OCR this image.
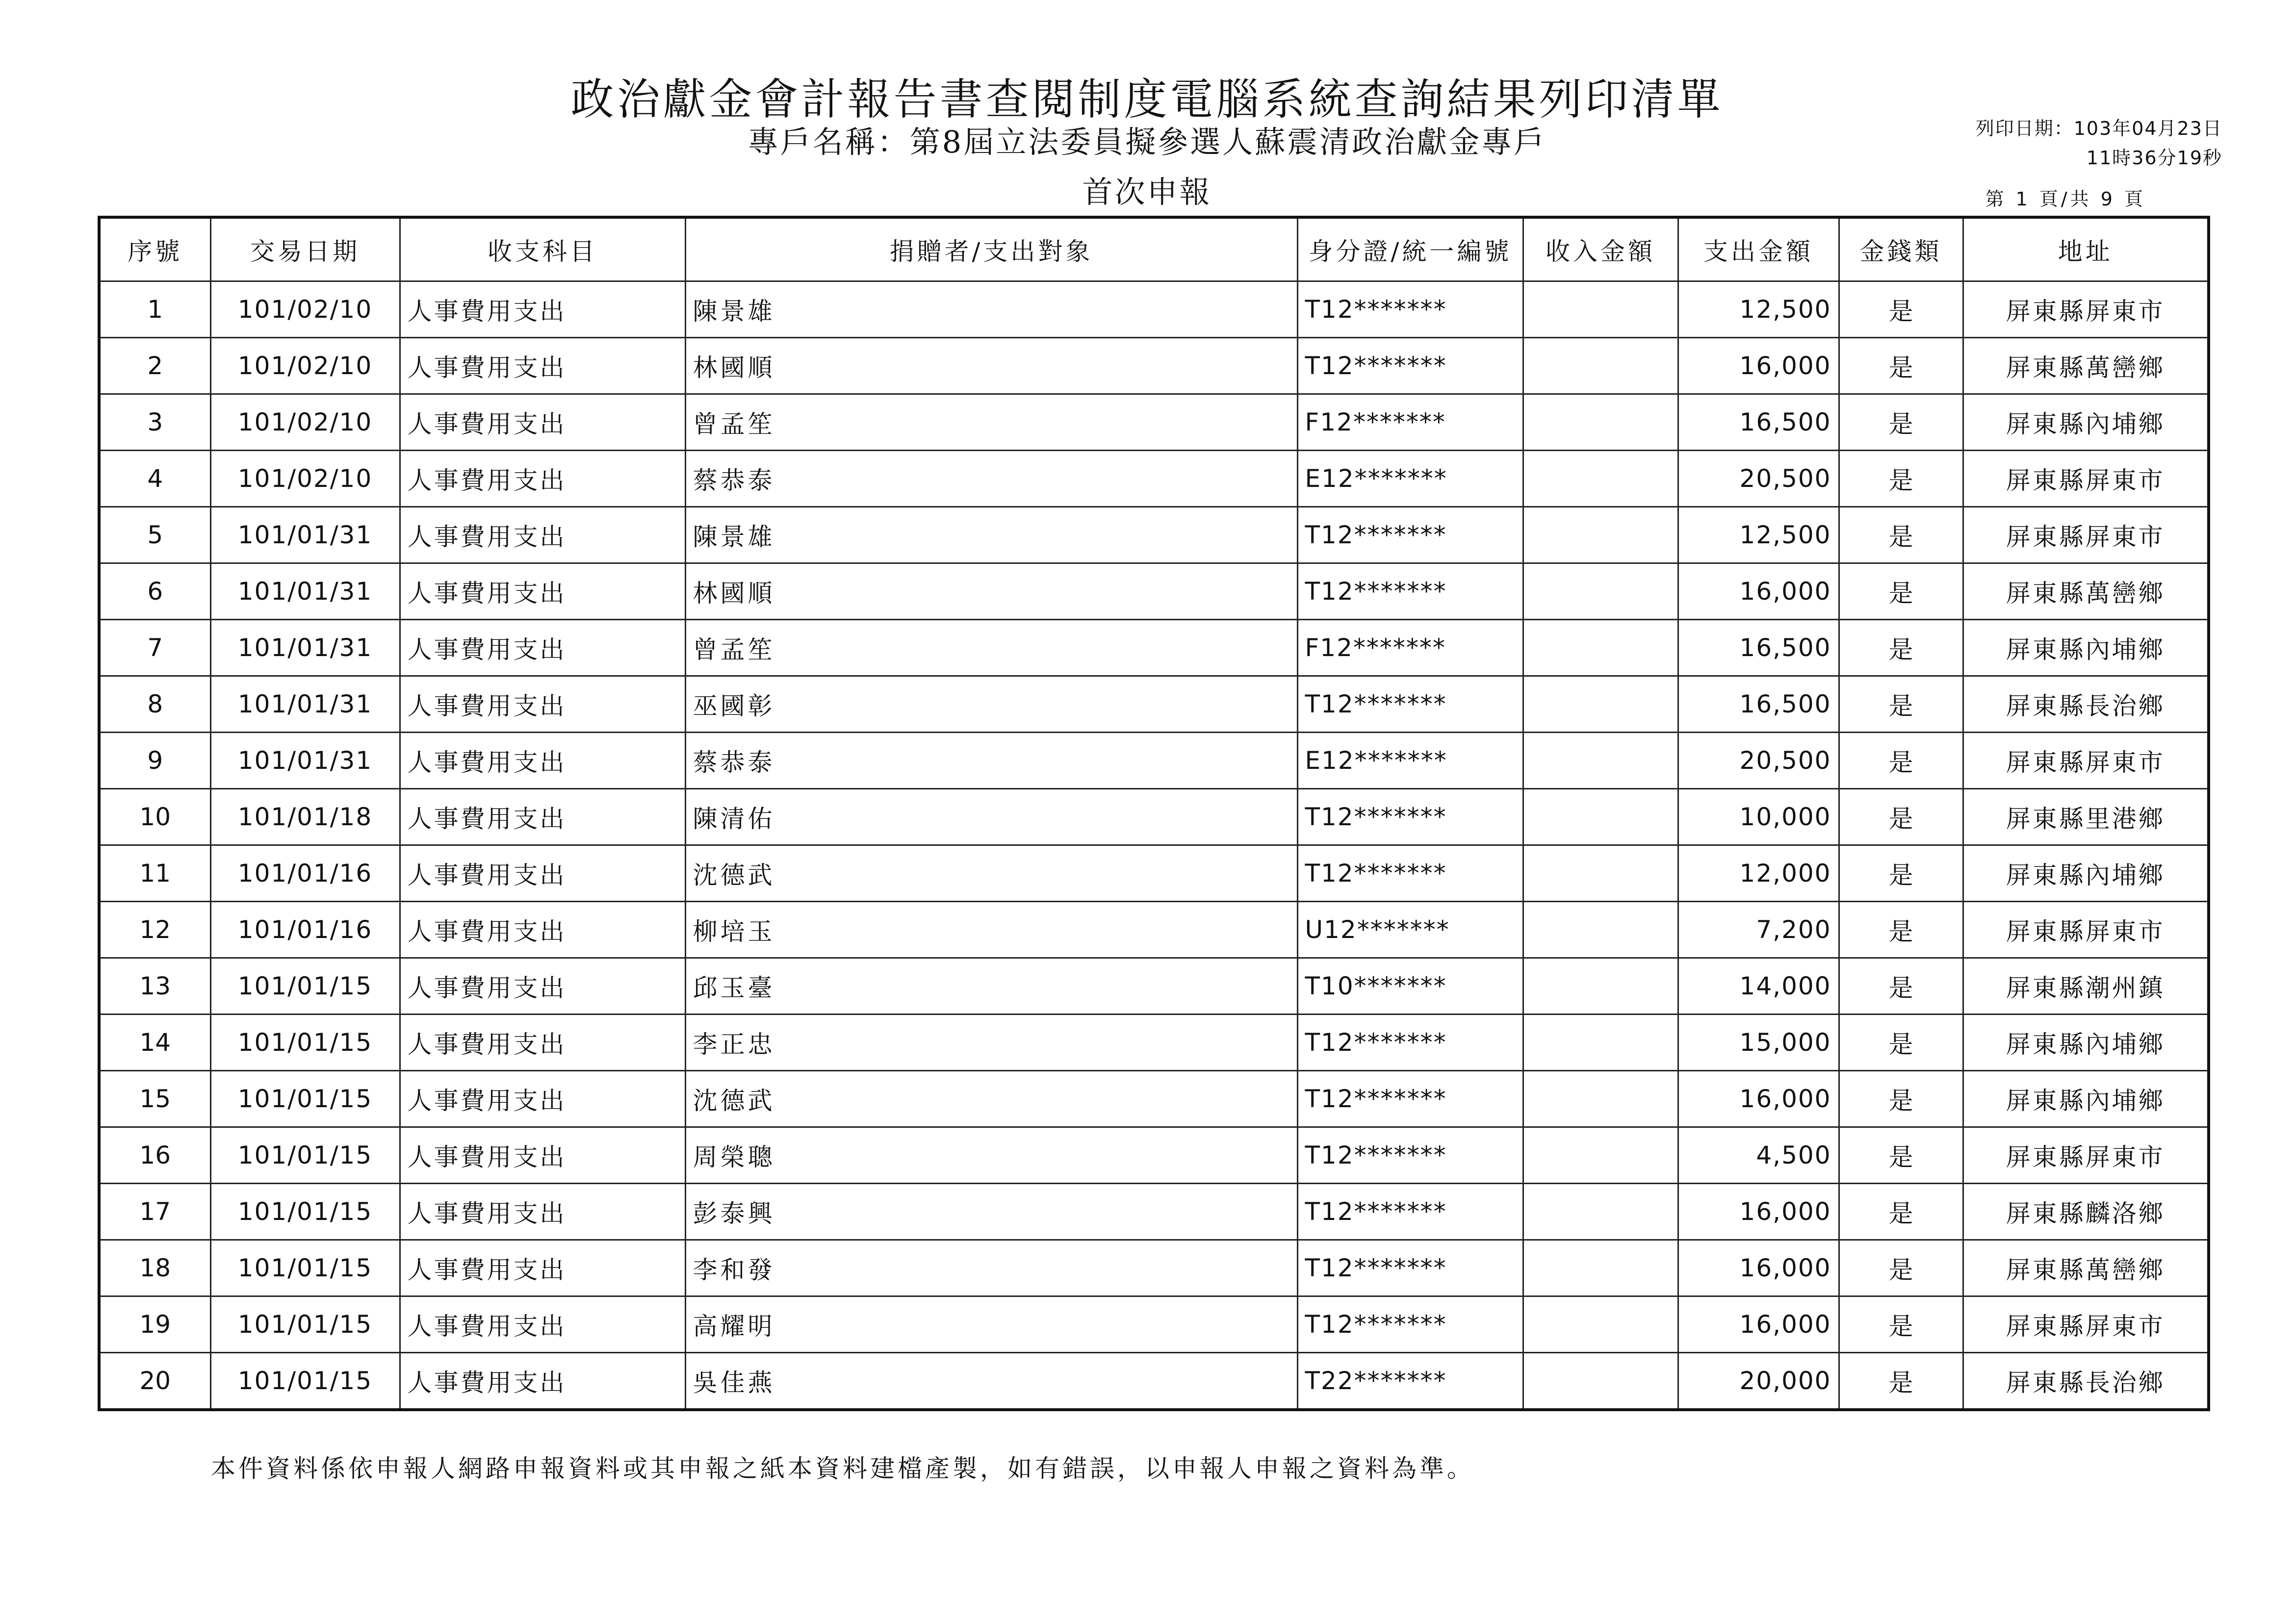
政治獻金會計報告書查閱制度電腦系統查詢結果列印清單
專戶名稱：第8屆立法委員擬參選人蘇震清政治獻金專戶
首次申報
列印日期：103年04月23日
11時36分19秒
第 1 頁/共 9 頁
序號	交易日期	收支科目	捐贈者/支出對象	身分證/統一編號	收入金額	支出金額	金錢類	地址
1	101/02/10	人事費用支出	陳景雄	T12*******		12,500	是	屏東縣屏東市
2	101/02/10	人事費用支出	林國順	T12*******		16,000	是	屏東縣萬巒鄉
3	101/02/10	人事費用支出	曾孟笙	F12*******		16,500	是	屏東縣內埔鄉
4	101/02/10	人事費用支出	蔡恭泰	E12*******		20,500	是	屏東縣屏東市
5	101/01/31	人事費用支出	陳景雄	T12*******		12,500	是	屏東縣屏東市
6	101/01/31	人事費用支出	林國順	T12*******		16,000	是	屏東縣萬巒鄉
7	101/01/31	人事費用支出	曾孟笙	F12*******		16,500	是	屏東縣內埔鄉
8	101/01/31	人事費用支出	巫國彰	T12*******		16,500	是	屏東縣長治鄉
9	101/01/31	人事費用支出	蔡恭泰	E12*******		20,500	是	屏東縣屏東市
10	101/01/18	人事費用支出	陳清佑	T12*******		10,000	是	屏東縣里港鄉
11	101/01/16	人事費用支出	沈德武	T12*******		12,000	是	屏東縣內埔鄉
12	101/01/16	人事費用支出	柳培玉	U12*******		7,200	是	屏東縣屏東市
13	101/01/15	人事費用支出	邱玉臺	T10*******		14,000	是	屏東縣潮州鎮
14	101/01/15	人事費用支出	李正忠	T12*******		15,000	是	屏東縣內埔鄉
15	101/01/15	人事費用支出	沈德武	T12*******		16,000	是	屏東縣內埔鄉
16	101/01/15	人事費用支出	周榮聰	T12*******		4,500	是	屏東縣屏東市
17	101/01/15	人事費用支出	彭泰興	T12*******		16,000	是	屏東縣麟洛鄉
18	101/01/15	人事費用支出	李和發	T12*******		16,000	是	屏東縣萬巒鄉
19	101/01/15	人事費用支出	高耀明	T12*******		16,000	是	屏東縣屏東市
20	101/01/15	人事費用支出	吳佳燕	T22*******		20,000	是	屏東縣長治鄉
本件資料係依申報人網路申報資料或其申報之紙本資料建檔產製，如有錯誤，以申報人申報之資料為準。
